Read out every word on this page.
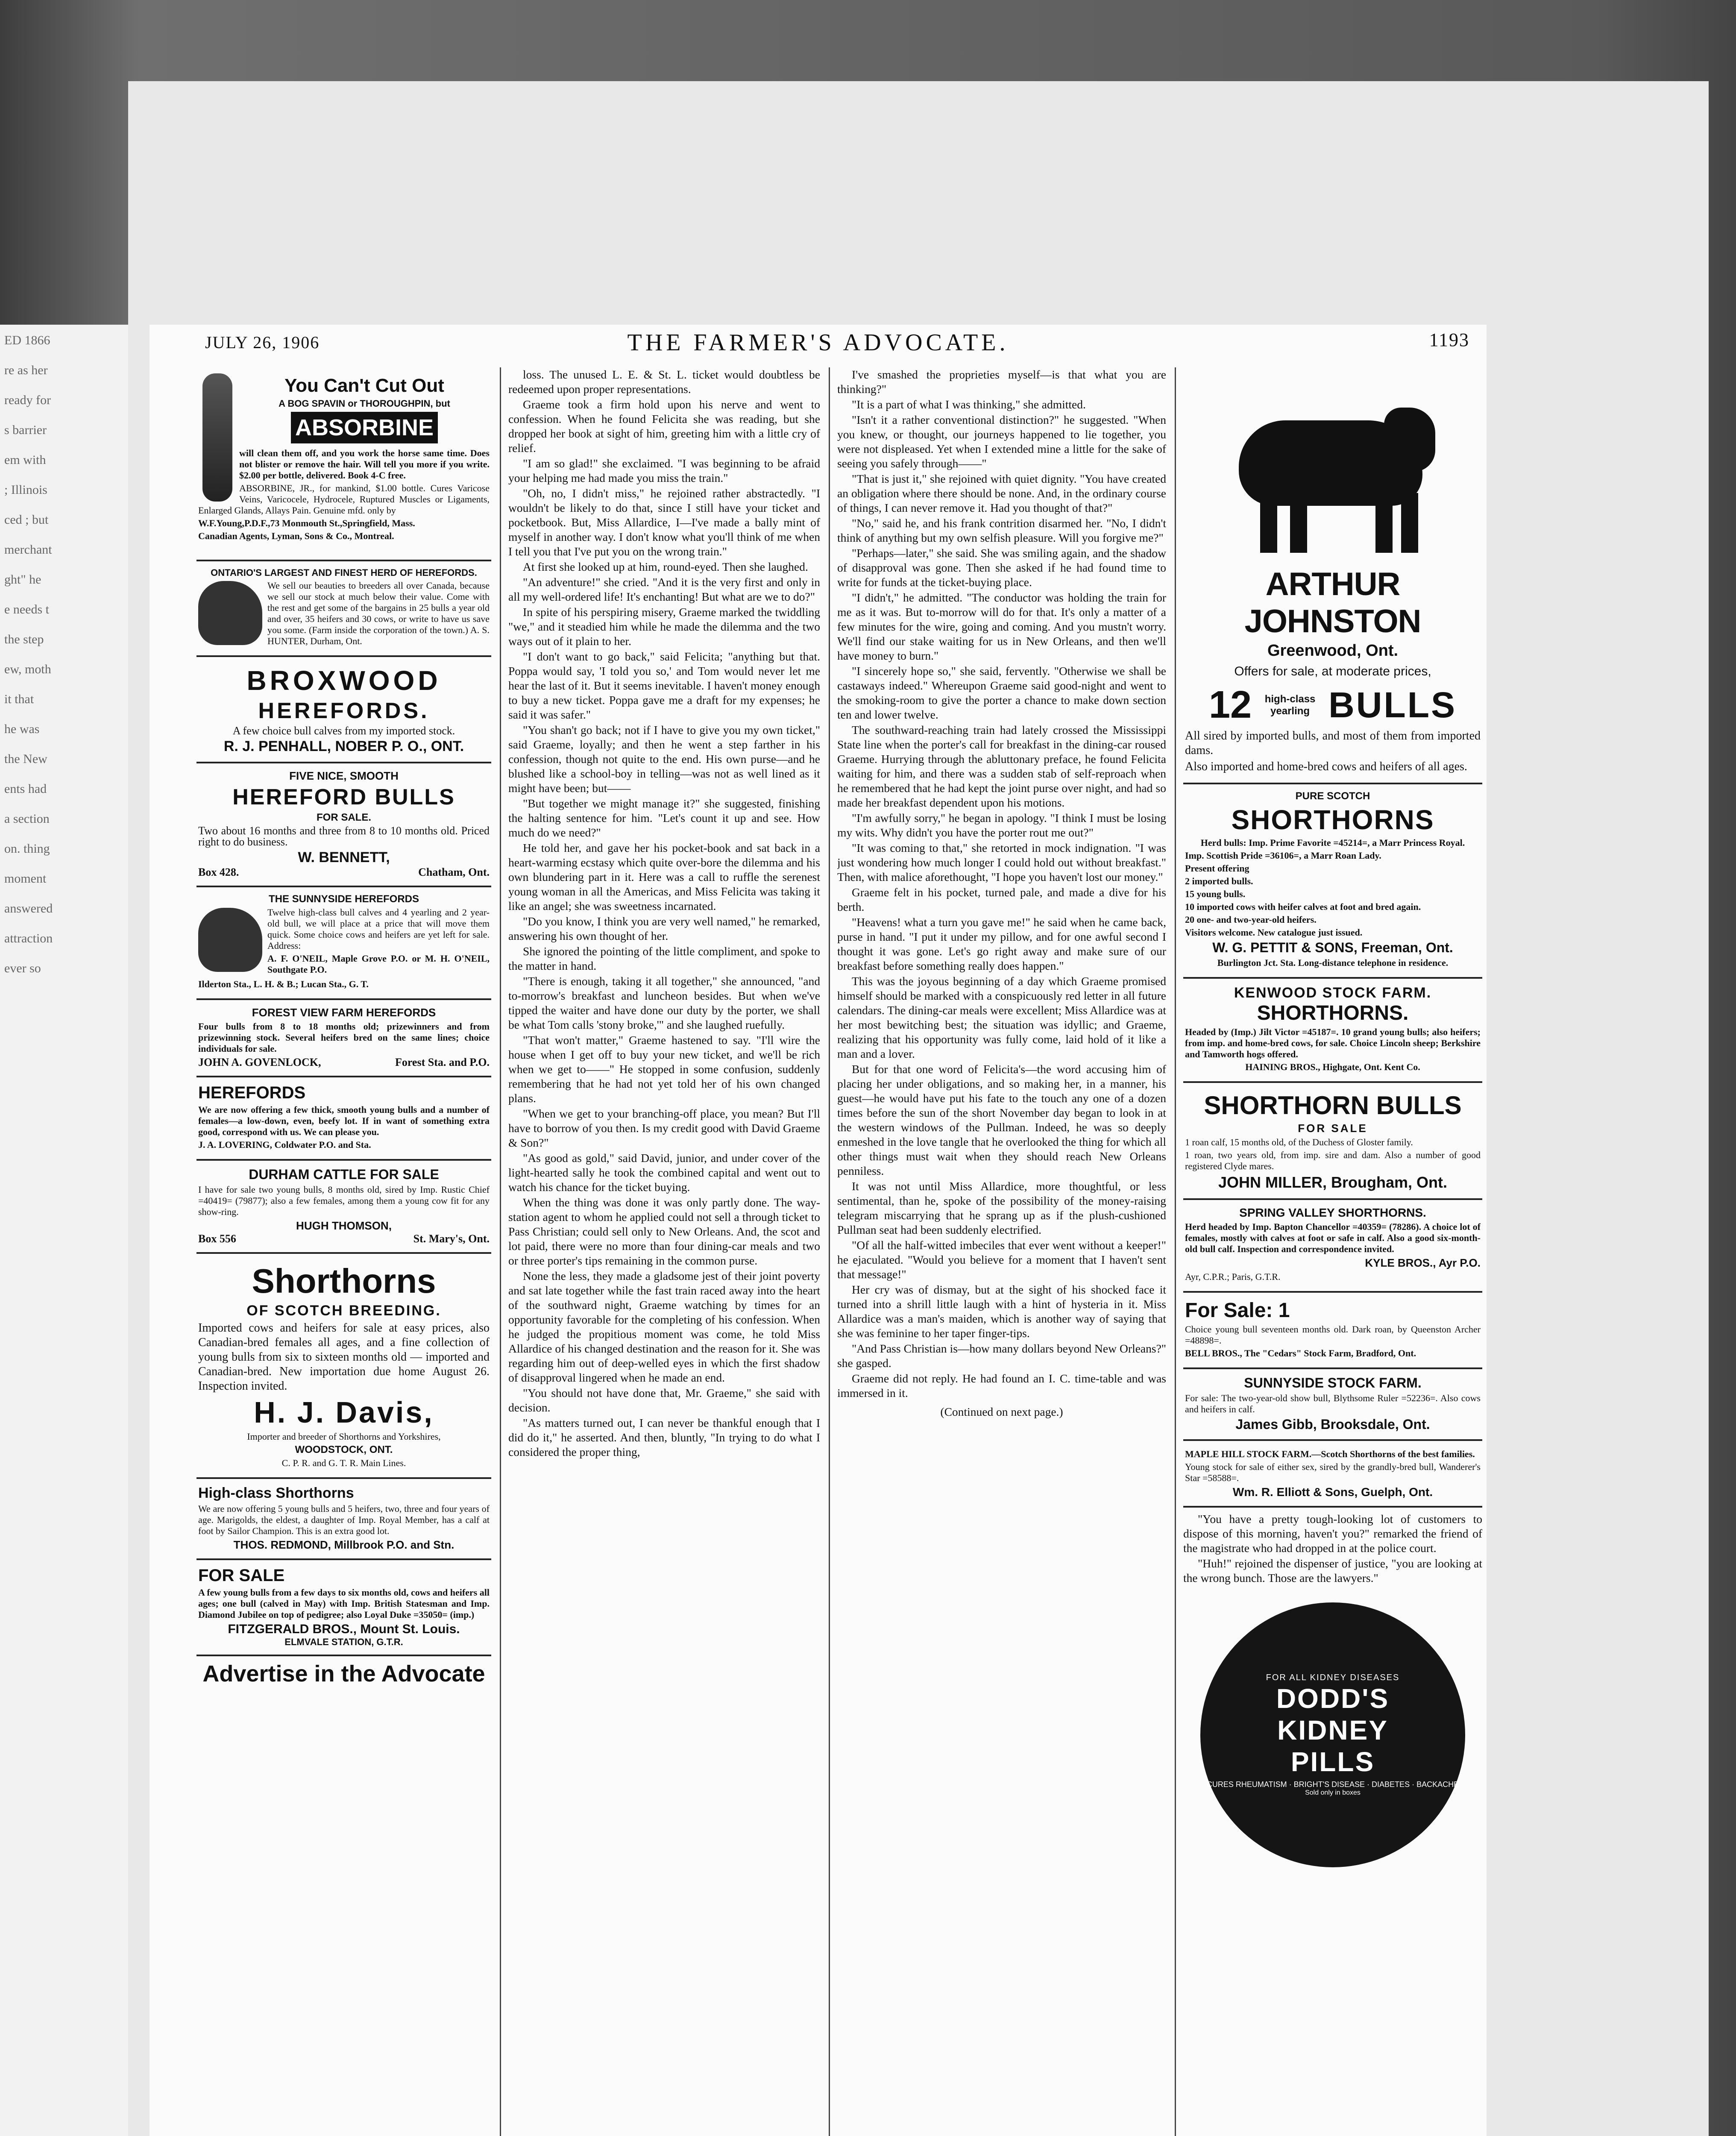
ED 1866
re as her
ready for
s barrier
em with
; Illinois
ced ; but
merchant
ght" he
e needs t
the step
ew, moth
it that
he was
the New
ents had
a section
on. thing
moment
answered
attraction
ever so
JULY 26, 1906	THE FARMER'S ADVOCATE.	1193
You Can't Cut Out
A BOG SPAVIN or THOROUGHPIN, but
ABSORBINE
will clean them off, and you work the horse same time. Does not blister or remove the hair. Will tell you more if you write. $2.00 per bottle, delivered. Book 4-C free.
ABSORBINE, JR., for mankind, $1.00 bottle. Cures Varicose Veins, Varicocele, Hydrocele, Ruptured Muscles or Ligaments, Enlarged Glands, Allays Pain. Genuine mfd. only by
W.F.Young,P.D.F.,73 Monmouth St.,Springfield, Mass.
Canadian Agents, Lyman, Sons & Co., Montreal.
ONTARIO'S LARGEST AND FINEST HERD OF HEREFORDS.
We sell our beauties to breeders all over Canada, because we sell our stock at much below their value. Come with the rest and get some of the bargains in 25 bulls a year old and over, 35 heifers and 30 cows, or write to have us save you some. (Farm inside the corporation of the town.) A. S. HUNTER, Durham, Ont.
BROXWOOD
HEREFORDS.
A few choice bull calves from my imported stock.
R. J. PENHALL, NOBER P. O., ONT.
FIVE NICE, SMOOTH
HEREFORD BULLS
FOR SALE.
Two about 16 months and three from 8 to 10 months old. Priced right to do business.
W. BENNETT,
Box 428.	Chatham, Ont.
THE SUNNYSIDE HEREFORDS
Twelve high-class bull calves and 4 yearling and 2 year-old bull, we will place at a price that will move them quick. Some choice cows and heifers are yet left for sale. Address:
A. F. O'NEIL, Maple Grove P.O. or M. H. O'NEIL, Southgate P.O.
Ilderton Sta., L. H. & B.; Lucan Sta., G. T.
FOREST VIEW FARM HEREFORDS
Four bulls from 8 to 18 months old; prizewinners and from prizewinning stock. Several heifers bred on the same lines; choice individuals for sale.
JOHN A. GOVENLOCK,	Forest Sta. and P.O.
HEREFORDS
We are now offering a few thick, smooth young bulls and a number of females—a low-down, even, beefy lot. If in want of something extra good, correspond with us. We can please you.
J. A. LOVERING, Coldwater P.O. and Sta.
DURHAM CATTLE FOR SALE
I have for sale two young bulls, 8 months old, sired by Imp. Rustic Chief =40419= (79877); also a few females, among them a young cow fit for any show-ring.
HUGH THOMSON,
Box 556	St. Mary's, Ont.
Shorthorns
OF SCOTCH BREEDING.
Imported cows and heifers for sale at easy prices, also Canadian-bred females all ages, and a fine collection of young bulls from six to sixteen months old — imported and Canadian-bred. New importation due home August 26. Inspection invited.
H. J. Davis,
Importer and breeder of Shorthorns and Yorkshires,
WOODSTOCK, ONT.
C. P. R. and G. T. R. Main Lines.
High-class Shorthorns
We are now offering 5 young bulls and 5 heifers, two, three and four years of age. Marigolds, the eldest, a daughter of Imp. Royal Member, has a calf at foot by Sailor Champion. This is an extra good lot.
THOS. REDMOND, Millbrook P.O. and Stn.
FOR SALE
A few young bulls from a few days to six months old, cows and heifers all ages; one bull (calved in May) with Imp. British Statesman and Imp. Diamond Jubilee on top of pedigree; also Loyal Duke =35050= (imp.)
FITZGERALD BROS., Mount St. Louis.
ELMVALE STATION, G.T.R.
Advertise in the Advocate

loss. The unused L. E. & St. L. ticket would doubtless be redeemed upon proper representations.

Graeme took a firm hold upon his nerve and went to confession. When he found Felicita she was reading, but she dropped her book at sight of him, greeting him with a little cry of relief.

"I am so glad!" she exclaimed. "I was beginning to be afraid your helping me had made you miss the train."

"Oh, no, I didn't miss," he rejoined rather abstractedly. "I wouldn't be likely to do that, since I still have your ticket and pocketbook. But, Miss Allardice, I—I've made a bally mint of myself in another way. I don't know what you'll think of me when I tell you that I've put you on the wrong train."

At first she looked up at him, round-eyed. Then she laughed.

"An adventure!" she cried. "And it is the very first and only in all my well-ordered life! It's enchanting! But what are we to do?"

In spite of his perspiring misery, Graeme marked the twiddling "we," and it steadied him while he made the dilemma and the two ways out of it plain to her.

"I don't want to go back," said Felicita; "anything but that. Poppa would say, 'I told you so,' and Tom would never let me hear the last of it. But it seems inevitable. I haven't money enough to buy a new ticket. Poppa gave me a draft for my expenses; he said it was safer."

"You shan't go back; not if I have to give you my own ticket," said Graeme, loyally; and then he went a step farther in his confession, though not quite to the end. His own purse—and he blushed like a school-boy in telling—was not as well lined as it might have been; but——

"But together we might manage it?" she suggested, finishing the halting sentence for him. "Let's count it up and see. How much do we need?"

He told her, and gave her his pocket-book and sat back in a heart-warming ecstasy which quite over-bore the dilemma and his own blundering part in it. Here was a call to ruffle the serenest young woman in all the Americas, and Miss Felicita was taking it like an angel; she was sweetness incarnated.

"Do you know, I think you are very well named," he remarked, answering his own thought of her.

She ignored the pointing of the little compliment, and spoke to the matter in hand.

"There is enough, taking it all together," she announced, "and to-morrow's breakfast and luncheon besides. But when we've tipped the waiter and have done our duty by the porter, we shall be what Tom calls 'stony broke,'" and she laughed ruefully.

"That won't matter," Graeme hastened to say. "I'll wire the house when I get off to buy your new ticket, and we'll be rich when we get to——" He stopped in some confusion, suddenly remembering that he had not yet told her of his own changed plans.

"When we get to your branching-off place, you mean? But I'll have to borrow of you then. Is my credit good with David Graeme & Son?"

"As good as gold," said David, junior, and under cover of the light-hearted sally he took the combined capital and went out to watch his chance for the ticket buying.

When the thing was done it was only partly done. The way-station agent to whom he applied could not sell a through ticket to Pass Christian; could sell only to New Orleans. And, the scot and lot paid, there were no more than four dining-car meals and two or three porter's tips remaining in the common purse.

None the less, they made a gladsome jest of their joint poverty and sat late together while the fast train raced away into the heart of the southward night, Graeme watching by times for an opportunity favorable for the completing of his confession. When he judged the propitious moment was come, he told Miss Allardice of his changed destination and the reason for it. She was regarding him out of deep-welled eyes in which the first shadow of disapproval lingered when he made an end.

"You should not have done that, Mr. Graeme," she said with decision.

"As matters turned out, I can never be thankful enough that I did do it," he asserted. And then, bluntly, "In trying to do what I considered the proper thing,

I've smashed the proprieties myself—is that what you are thinking?"

"It is a part of what I was thinking," she admitted.

"Isn't it a rather conventional distinction?" he suggested. "When you knew, or thought, our journeys happened to lie together, you were not displeased. Yet when I extended mine a little for the sake of seeing you safely through——"

"That is just it," she rejoined with quiet dignity. "You have created an obligation where there should be none. And, in the ordinary course of things, I can never remove it. Had you thought of that?"

"No," said he, and his frank contrition disarmed her. "No, I didn't think of anything but my own selfish pleasure. Will you forgive me?"

"Perhaps—later," she said. She was smiling again, and the shadow of disapproval was gone. Then she asked if he had found time to write for funds at the ticket-buying place.

"I didn't," he admitted. "The conductor was holding the train for me as it was. But to-morrow will do for that. It's only a matter of a few minutes for the wire, going and coming. And you mustn't worry. We'll find our stake waiting for us in New Orleans, and then we'll have money to burn."

"I sincerely hope so," she said, fervently. "Otherwise we shall be castaways indeed." Whereupon Graeme said good-night and went to the smoking-room to give the porter a chance to make down section ten and lower twelve.

The southward-reaching train had lately crossed the Mississippi State line when the porter's call for breakfast in the dining-car roused Graeme. Hurrying through the abluttonary preface, he found Felicita waiting for him, and there was a sudden stab of self-reproach when he remembered that he had kept the joint purse over night, and had so made her breakfast dependent upon his motions.

"I'm awfully sorry," he began in apology. "I think I must be losing my wits. Why didn't you have the porter rout me out?"

"It was coming to that," she retorted in mock indignation. "I was just wondering how much longer I could hold out without breakfast." Then, with malice aforethought, "I hope you haven't lost our money."

Graeme felt in his pocket, turned pale, and made a dive for his berth.

"Heavens! what a turn you gave me!" he said when he came back, purse in hand. "I put it under my pillow, and for one awful second I thought it was gone. Let's go right away and make sure of our breakfast before something really does happen."

This was the joyous beginning of a day which Graeme promised himself should be marked with a conspicuously red letter in all future calendars. The dining-car meals were excellent; Miss Allardice was at her most bewitching best; the situation was idyllic; and Graeme, realizing that his opportunity was fully come, laid hold of it like a man and a lover.

But for that one word of Felicita's—the word accusing him of placing her under obligations, and so making her, in a manner, his guest—he would have put his fate to the touch any one of a dozen times before the sun of the short November day began to look in at the western windows of the Pullman. Indeed, he was so deeply enmeshed in the love tangle that he overlooked the thing for which all other things must wait when they should reach New Orleans penniless.

It was not until Miss Allardice, more thoughtful, or less sentimental, than he, spoke of the possibility of the money-raising telegram miscarrying that he sprang up as if the plush-cushioned Pullman seat had been suddenly electrified.

"Of all the half-witted imbeciles that ever went without a keeper!" he ejaculated. "Would you believe for a moment that I haven't sent that message!"

Her cry was of dismay, but at the sight of his shocked face it turned into a shrill little laugh with a hint of hysteria in it. Miss Allardice was a man's maiden, which is another way of saying that she was feminine to her taper finger-tips.

"And Pass Christian is—how many dollars beyond New Orleans?" she gasped.

Graeme did not reply. He had found an I. C. time-table and was immersed in it.

(Continued on next page.)

ARTHUR JOHNSTON
Greenwood, Ont.
Offers for sale, at moderate prices,
12	high-class yearling BULLS
All sired by imported bulls, and most of them from imported dams.
Also imported and home-bred cows and heifers of all ages.
PURE SCOTCH
SHORTHORNS
Herd bulls: Imp. Prime Favorite =45214=, a Marr Princess Royal.
Imp. Scottish Pride =36106=, a Marr Roan Lady.
Present offering
2 imported bulls.
15 young bulls.
10 imported cows with heifer calves at foot and bred again.
20 one- and two-year-old heifers.
Visitors welcome. New catalogue just issued.
W. G. PETTIT & SONS, Freeman, Ont.
Burlington Jct. Sta. Long-distance telephone in residence.
KENWOOD STOCK FARM.
SHORTHORNS.
Headed by (Imp.) Jilt Victor =45187=. 10 grand young bulls; also heifers; from imp. and home-bred cows, for sale. Choice Lincoln sheep; Berkshire and Tamworth hogs offered.
HAINING BROS., Highgate, Ont. Kent Co.
SHORTHORN BULLS
FOR SALE
1 roan calf, 15 months old, of the Duchess of Gloster family.
1 roan, two years old, from imp. sire and dam. Also a number of good registered Clyde mares.
JOHN MILLER, Brougham, Ont.
SPRING VALLEY SHORTHORNS.
Herd headed by Imp. Bapton Chancellor =40359= (78286). A choice lot of females, mostly with calves at foot or safe in calf. Also a good six-month-old bull calf. Inspection and correspondence invited.
KYLE BROS., Ayr P.O.
Ayr, C.P.R.; Paris, G.T.R.
For Sale: 1
Choice young bull seventeen months old. Dark roan, by Queenston Archer =48898=.
BELL BROS., The "Cedars" Stock Farm, Bradford, Ont.
SUNNYSIDE STOCK FARM.
For sale: The two-year-old show bull, Blythsome Ruler =52236=. Also cows and heifers in calf.
James Gibb, Brooksdale, Ont.
MAPLE HILL STOCK FARM.—Scotch Shorthorns of the best families.
Young stock for sale of either sex, sired by the grandly-bred bull, Wanderer's Star =58588=.
Wm. R. Elliott & Sons, Guelph, Ont.

"You have a pretty tough-looking lot of customers to dispose of this morning, haven't you?" remarked the friend of the magistrate who had dropped in at the police court.

"Huh!" rejoined the dispenser of justice, "you are looking at the wrong bunch. Those are the lawyers."

FOR ALL KIDNEY DISEASES
DODD'S
KIDNEY
PILLS
CURES RHEUMATISM · BRIGHT'S DISEASE · DIABETES · BACKACHE
Sold only in boxes
